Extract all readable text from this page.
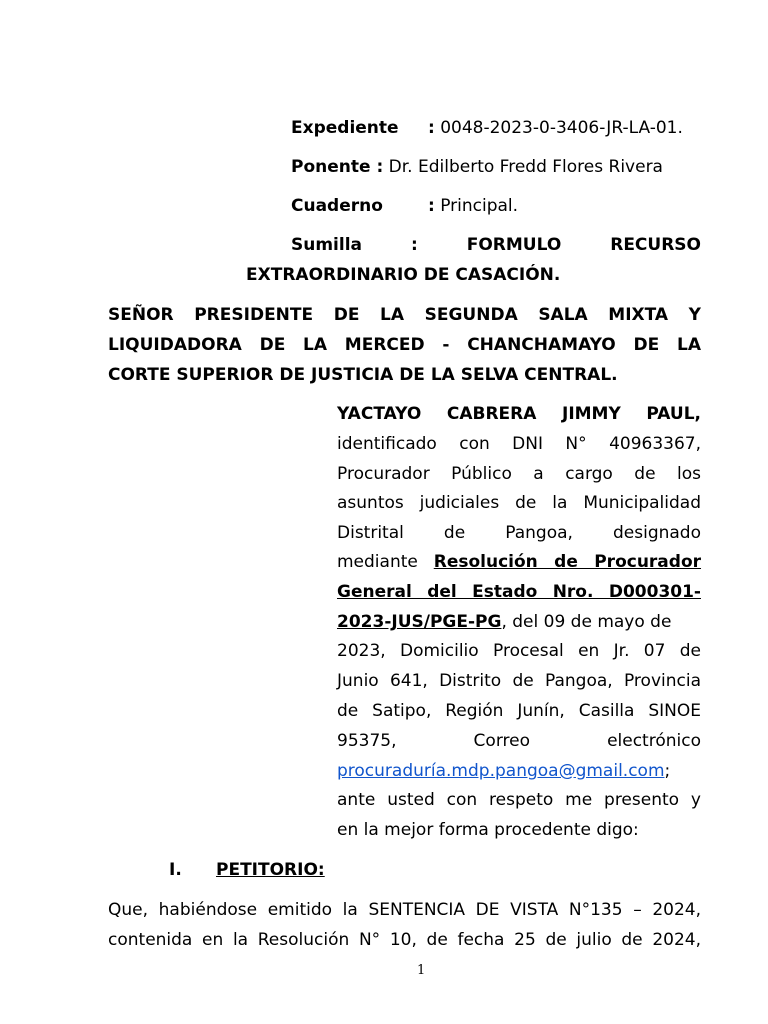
Expediente : 0048-2023-0-3406-JR-LA-01.
Ponente : Dr. Edilberto Fredd Flores Rivera
Cuaderno	: Principal.
Sumilla : FORMULO RECURSO
EXTRAORDINARIO DE CASACIÓN.
SEÑOR PRESIDENTE DE LA SEGUNDA SALA MIXTA Y
LIQUIDADORA DE LA MERCED - CHANCHAMAYO DE LA
CORTE SUPERIOR DE JUSTICIA DE LA SELVA CENTRAL.
YACTAYO CABRERA JIMMY PAUL,
identificado con DNI N° 40963367,
Procurador Público a cargo de los
asuntos judiciales de la Municipalidad
Distrital de Pangoa, designado
mediante Resolución de Procurador
General del Estado Nro. D000301-
2023-JUS/PGE-PG, del 09 de mayo de
2023, Domicilio Procesal en Jr. 07 de
Junio 641, Distrito de Pangoa, Provincia
de Satipo, Región Junín, Casilla SINOE
95375, Correo electrónico
procuraduría.mdp.pangoa@gmail.com;
ante usted con respeto me presento y
en la mejor forma procedente digo:
I. PETITORIO:
Que, habiéndose emitido la SENTENCIA DE VISTA N°135 – 2024,
contenida en la Resolución N° 10, de fecha 25 de julio de 2024,
1
